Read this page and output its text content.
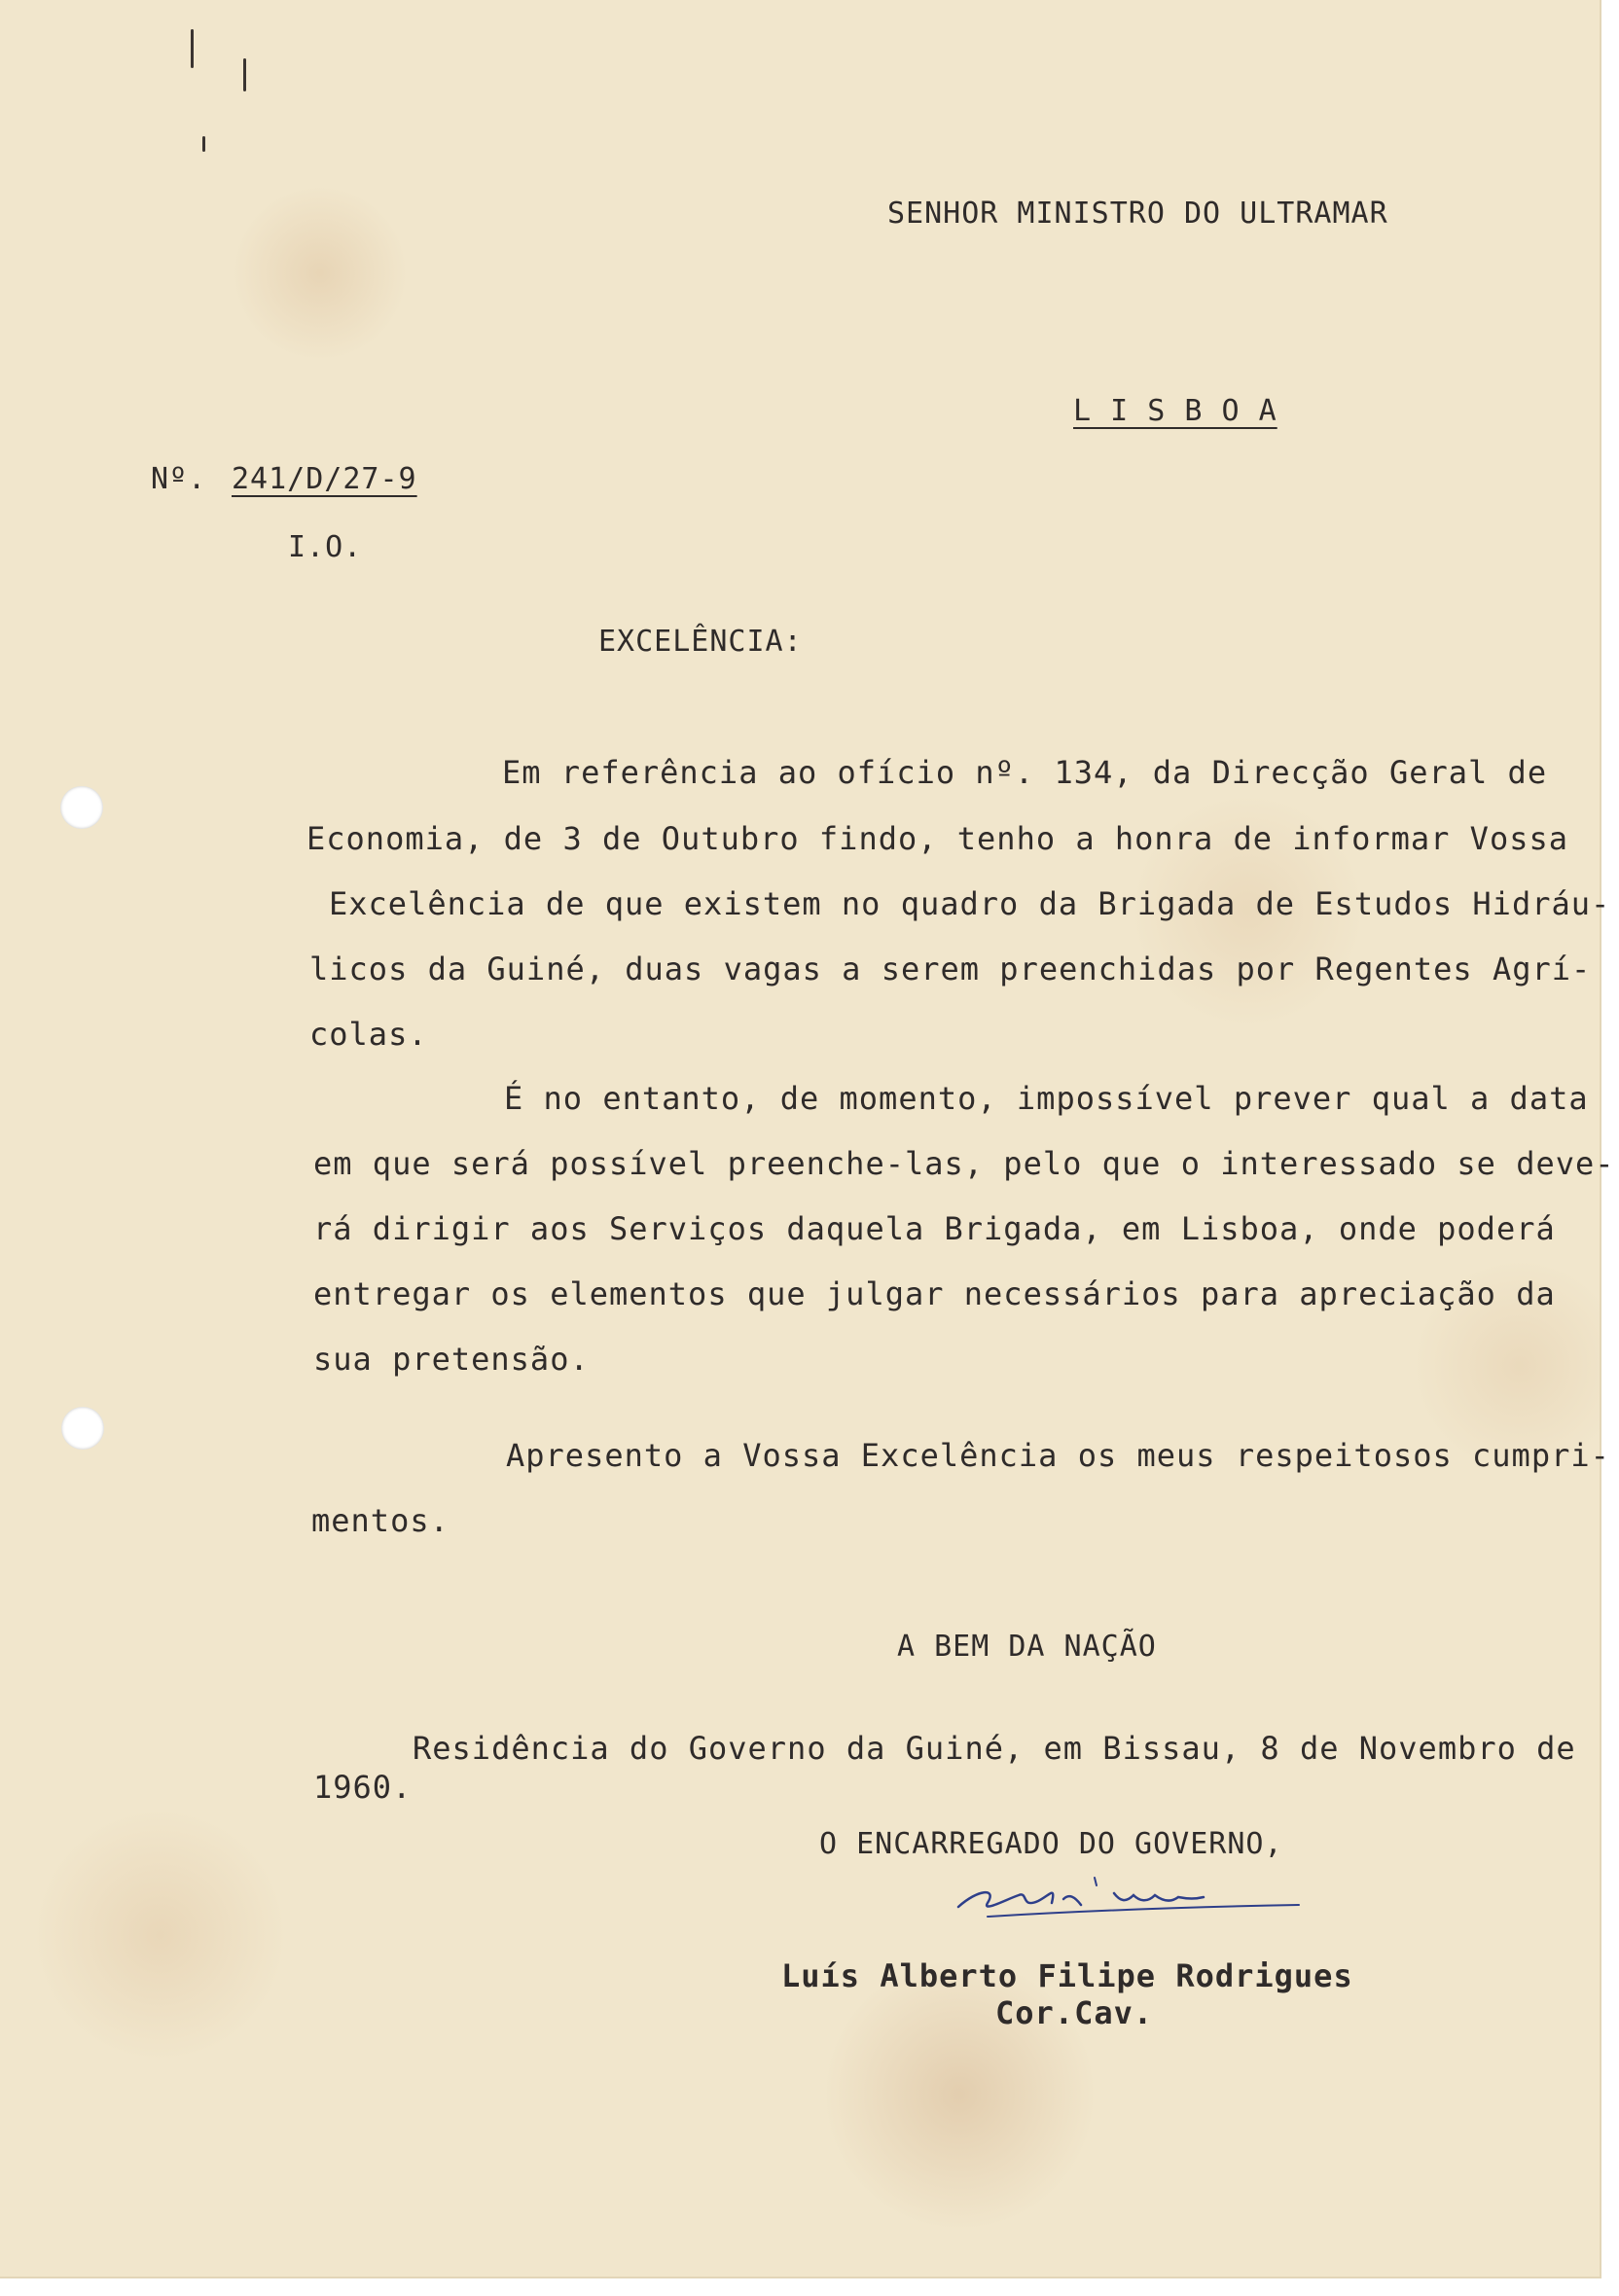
SENHOR MINISTRO DO ULTRAMAR

L I S B O A

Nº. 241/D/27-9

I.O.

EXCELÊNCIA:

Em referência ao ofício nº. 134, da Direcção Geral de

Economia, de 3 de Outubro findo, tenho a honra de informar Vossa

Excelência de que existem no quadro da Brigada de Estudos Hidráu-

licos da Guiné, duas vagas a serem preenchidas por Regentes Agrí-

colas.

É no entanto, de momento, impossível prever qual a data

em que será possível preenche-las, pelo que o interessado se deve-

rá dirigir aos Serviços daquela Brigada, em Lisboa, onde poderá

entregar os elementos que julgar necessários para apreciação da

sua pretensão.

Apresento a Vossa Excelência os meus respeitosos cumpri-

mentos.

A BEM DA NAÇÃO

Residência do Governo da Guiné, em Bissau, 8 de Novembro de

1960.

O ENCARREGADO DO GOVERNO,

Luís Alberto Filipe Rodrigues

Cor.Cav.
